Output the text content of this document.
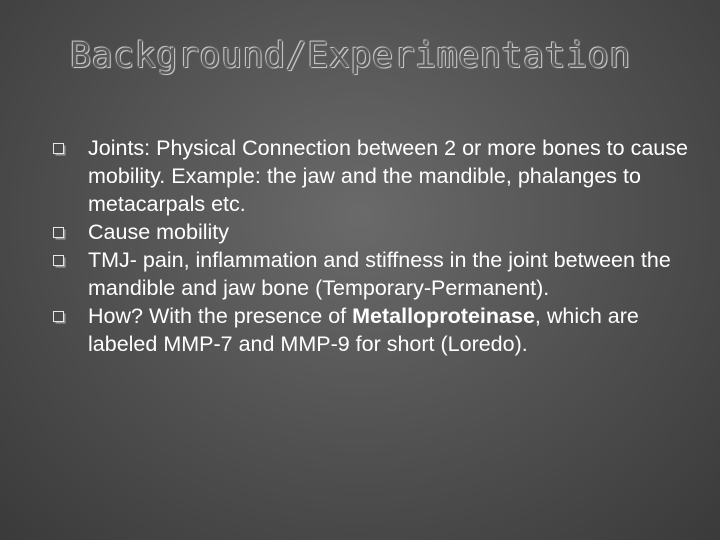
Background/Experimentation
Joints: Physical Connection between 2 or more bones to cause mobility. Example: the jaw and the mandible, phalanges to metacarpals etc.
Cause mobility
TMJ- pain, inflammation and stiffness in the joint between the mandible and jaw bone (Temporary-Permanent).
How? With the presence of Metalloproteinase, which are labeled MMP-7 and MMP-9 for short (Loredo).
